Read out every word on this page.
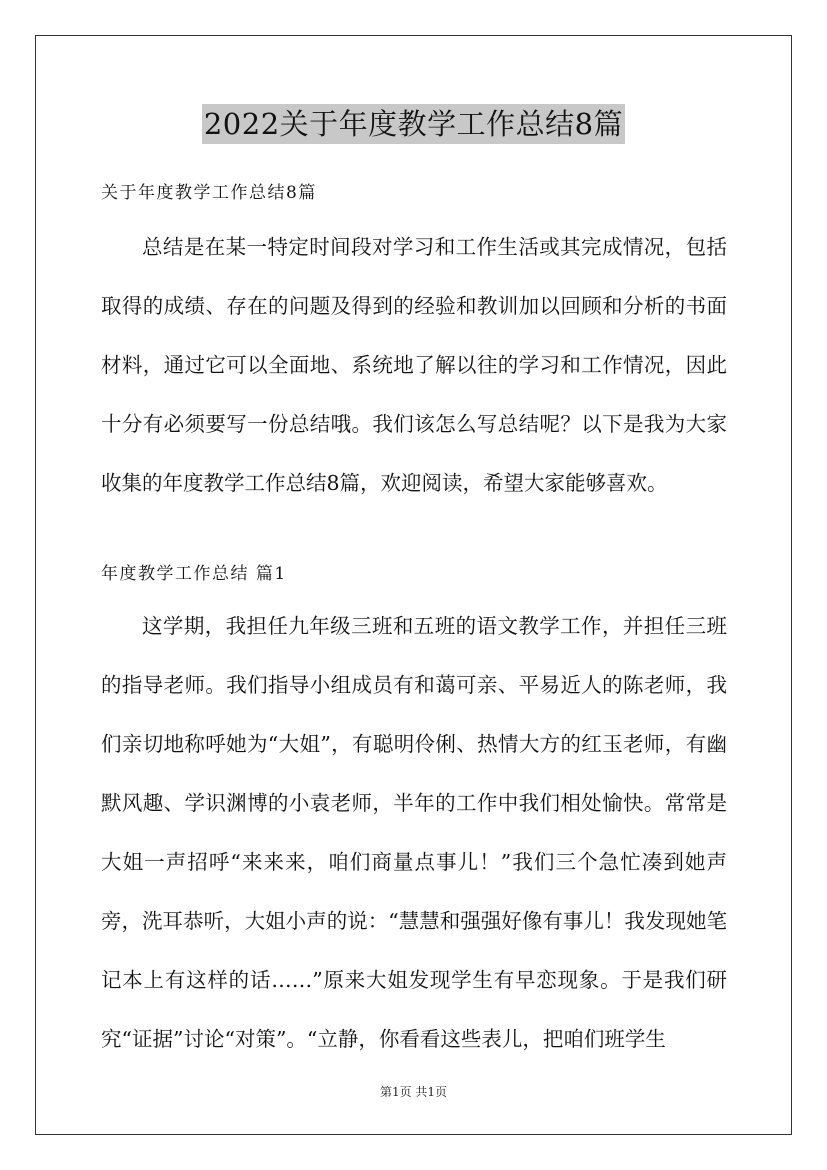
2022关于年度教学工作总结8篇

关于年度教学工作总结8篇

总结是在某一特定时间段对学习和工作生活或其完成情况，包括取得的成绩、存在的问题及得到的经验和教训加以回顾和分析的书面材料，通过它可以全面地、系统地了解以往的学习和工作情况，因此十分有必须要写一份总结哦。我们该怎么写总结呢？以下是我为大家收集的年度教学工作总结8篇，欢迎阅读，希望大家能够喜欢。

年度教学工作总结 篇1

这学期，我担任九年级三班和五班的语文教学工作，并担任三班的指导老师。我们指导小组成员有和蔼可亲、平易近人的陈老师，我们亲切地称呼她为“大姐”，有聪明伶俐、热情大方的红玉老师，有幽默风趣、学识渊博的小袁老师，半年的工作中我们相处愉快。常常是大姐一声招呼“来来来，咱们商量点事儿！”我们三个急忙凑到她声旁，洗耳恭听，大姐小声的说：“慧慧和强强好像有事儿！我发现她笔记本上有这样的话……”原来大姐发现学生有早恋现象。于是我们研究“证据”讨论“对策”。“立静，你看看这些表儿，把咱们班学生

第1页 共1页
